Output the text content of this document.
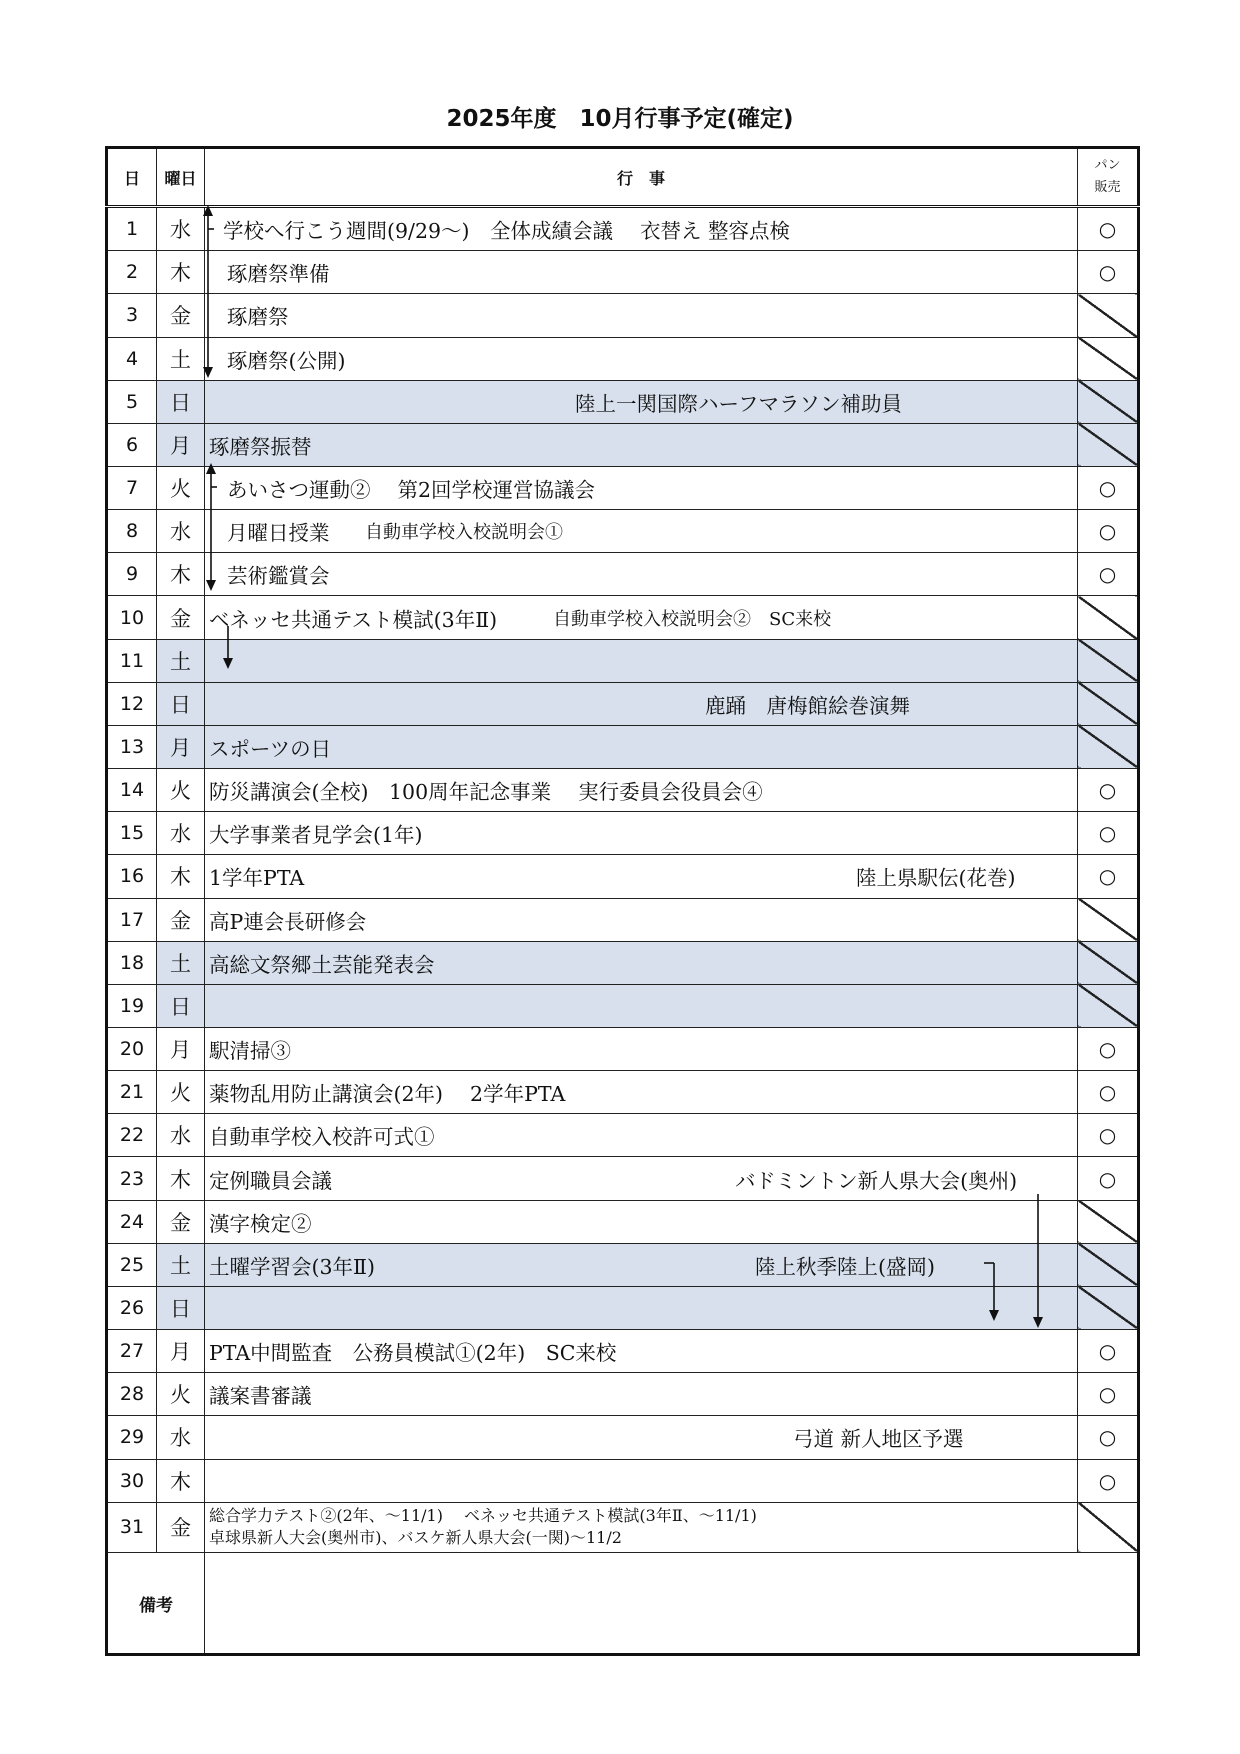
2025年度　10月行事予定(確定)
日	曜日	行　事	パン
販売

1	水	学校へ行こう週間(9/29〜)　全体成績会議　 衣替え 整容点検	○
2	木	琢磨祭準備	○
3	金	琢磨祭	

4	土	琢磨祭(公開)	

5	日	陸上一関国際ハーフマラソン補助員	

6	月	琢磨祭振替	

7	火	あいさつ運動②　 第2回学校運営協議会	○
8	水	月曜日授業 自動車学校入校説明会①	○
9	木	芸術鑑賞会	○
10	金	ベネッセ共通テスト模試(3年Ⅱ) 自動車学校入校説明会②　SC来校	

11	土	

12	日	鹿踊　唐梅館絵巻演舞	

13	月	スポーツの日	

14	火	防災講演会(全校)　100周年記念事業　 実行委員会役員会④	○
15	水	大学事業者見学会(1年)	○
16	木	1学年PTA 陸上県駅伝(花巻)	○
17	金	高P連会長研修会	

18	土	高総文祭郷土芸能発表会	

19	日	

20	月	駅清掃③	○
21	火	薬物乱用防止講演会(2年)　 2学年PTA	○
22	水	自動車学校入校許可式①	○
23	木	定例職員会議 バドミントン新人県大会(奥州)	○
24	金	漢字検定②	

25	土	土曜学習会(3年Ⅱ) 陸上秋季陸上(盛岡)	

26	日	

27	月	PTA中間監査　公務員模試①(2年)　SC来校	○
28	火	議案書審議	○
29	水	弓道 新人地区予選	○
30	木		○
31	金	総合学力テスト②(2年、〜11/1)　 ベネッセ共通テスト模試(3年Ⅱ、〜11/1)
卓球県新人大会(奥州市)、バスケ新人県大会(一関)〜11/2	

備考			
